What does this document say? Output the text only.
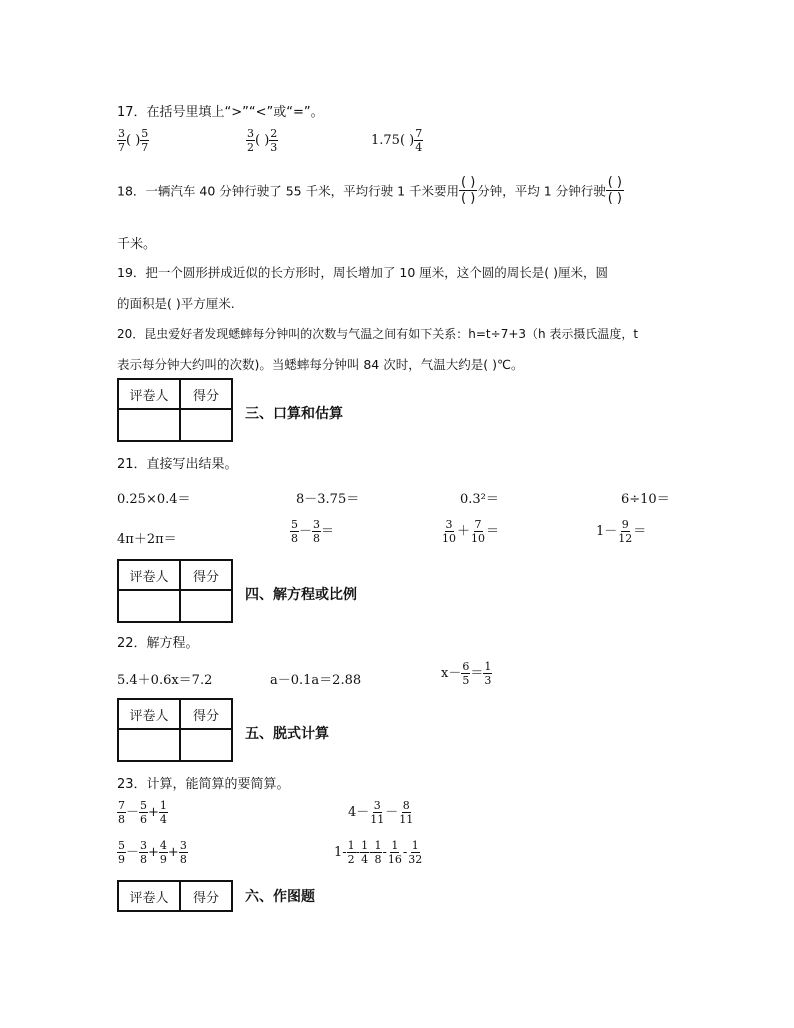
17．在括号里填上“>”“<”或“=”。
$\frac{3}{7}$ ( ) $\frac{5}{7}$	$\frac{3}{2}$ ( ) $\frac{2}{3}$	1.75( ) $\frac{7}{4}$
18．一辆汽车 40 分钟行驶了 55 千米，平均行驶 1 千米要用 $\frac{( )}{( )}$ 分钟，平均 1 分钟行驶 $\frac{( )}{( )}$
千米。
19．把一个圆形拼成近似的长方形时，周长增加了 10 厘米，这个圆的周长是( )厘米，圆
的面积是( )平方厘米.
20．昆虫爱好者发现蟋蟀每分钟叫的次数与气温之间有如下关系：h=t÷7+3（h 表示摄氏温度，t
表示每分钟大约叫的次数)。当蟋蟀每分钟叫 84 次时，气温大约是( )℃。
评卷人	得分

三、口算和估算
21．直接写出结果。
0.25×0.4＝	8－3.75＝	0.3²＝	6÷10＝
4π＋2π＝	$\frac{5}{8} - \frac{3}{8}$ ＝	$\frac{3}{10} + \frac{7}{10}$ ＝	$1- \frac{9}{12}$ ＝
评卷人	得分

四、解方程或比例
22．解方程。
5.4＋0.6x＝7.2	a－0.1a＝2.88	$x- \frac{6}{5} = \frac{1}{3}$
评卷人	得分

五、脱式计算
23．计算，能简算的要简算。
$\frac{7}{8} - \frac{5}{6} + \frac{1}{4}$	$4- \frac{3}{11} - \frac{8}{11}$
$\frac{5}{9} - \frac{3}{8} + \frac{4}{9} + \frac{3}{8}$	$1- \frac{1}{2} - \frac{1}{4} - \frac{1}{8} - \frac{1}{16} - \frac{1}{32}$
评卷人	得分 六、作图题
